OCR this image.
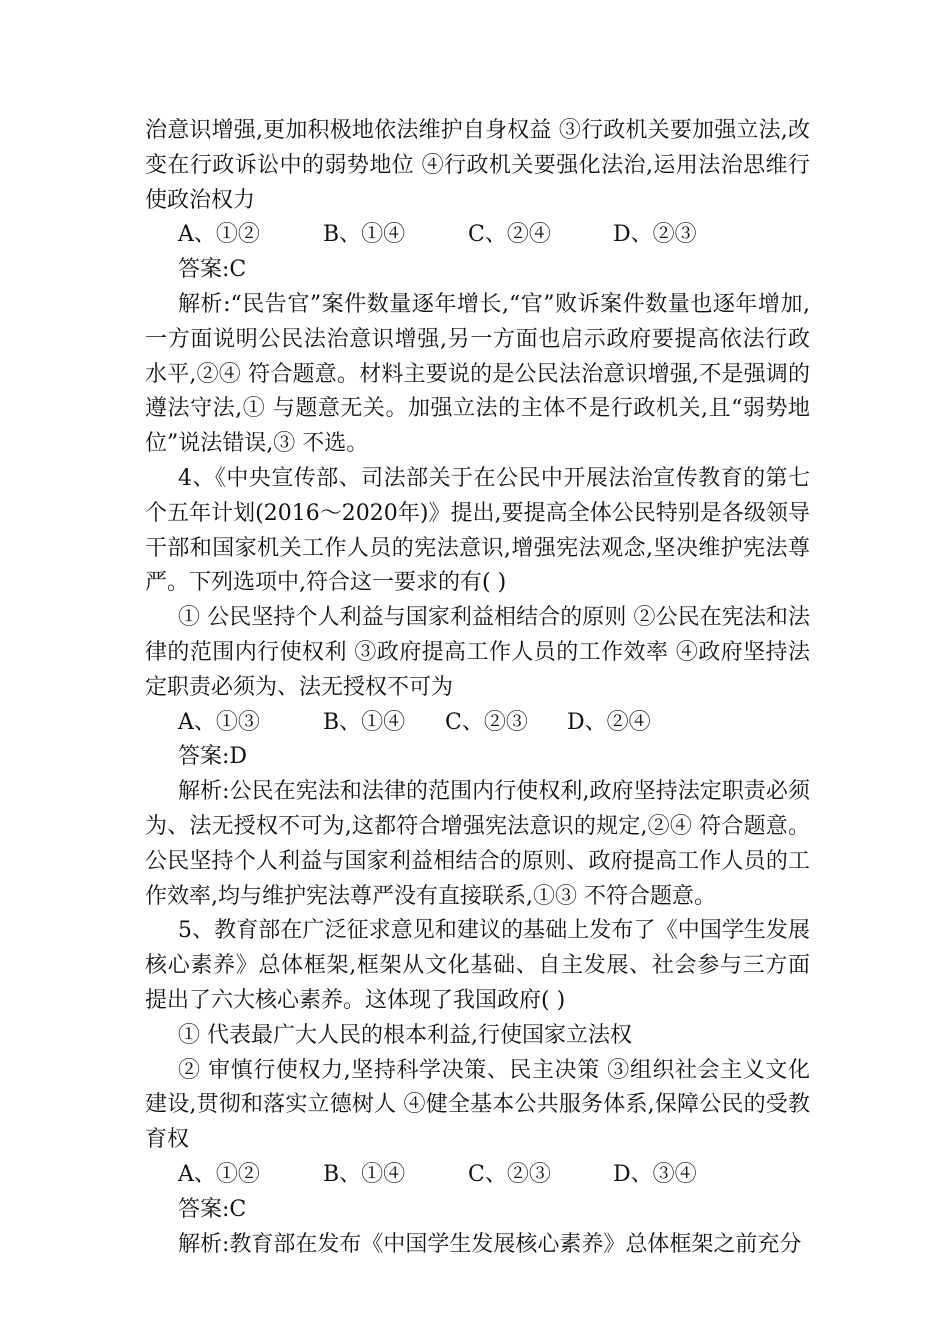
治意识增强,更加积极地依法维护自身权益 ③行政机关要加强立法,改变在行政诉讼中的弱势地位 ④行政机关要强化法治,运用法治思维行使政治权力

A、①②	B、①④	C、②④	D、②③

答案:C

解析:“民告官”案件数量逐年增长,“官”败诉案件数量也逐年增加,一方面说明公民法治意识增强,另一方面也启示政府要提高依法行政水平,②④ 符合题意。材料主要说的是公民法治意识增强,不是强调的遵法守法,① 与题意无关。加强立法的主体不是行政机关,且“弱势地位”说法错误,③ 不选。

4、《中央宣传部、司法部关于在公民中开展法治宣传教育的第七个五年计划(2016～2020年)》提出,要提高全体公民特别是各级领导干部和国家机关工作人员的宪法意识,增强宪法观念,坚决维护宪法尊严。下列选项中,符合这一要求的有( )

① 公民坚持个人利益与国家利益相结合的原则 ②公民在宪法和法律的范围内行使权利 ③政府提高工作人员的工作效率 ④政府坚持法定职责必须为、法无授权不可为

A、①③	B、①④ C、②③ D、②④

答案:D

解析:公民在宪法和法律的范围内行使权利,政府坚持法定职责必须为、法无授权不可为,这都符合增强宪法意识的规定,②④ 符合题意。公民坚持个人利益与国家利益相结合的原则、政府提高工作人员的工作效率,均与维护宪法尊严没有直接联系,①③ 不符合题意。

5、教育部在广泛征求意见和建议的基础上发布了《中国学生发展核心素养》总体框架,框架从文化基础、自主发展、社会参与三方面提出了六大核心素养。这体现了我国政府( )

① 代表最广大人民的根本利益,行使国家立法权

② 审慎行使权力,坚持科学决策、民主决策 ③组织社会主义文化建设,贯彻和落实立德树人 ④健全基本公共服务体系,保障公民的受教育权

A、①②	B、①④	C、②③	D、③④

答案:C

解析:教育部在发布《中国学生发展核心素养》总体框架之前充分
